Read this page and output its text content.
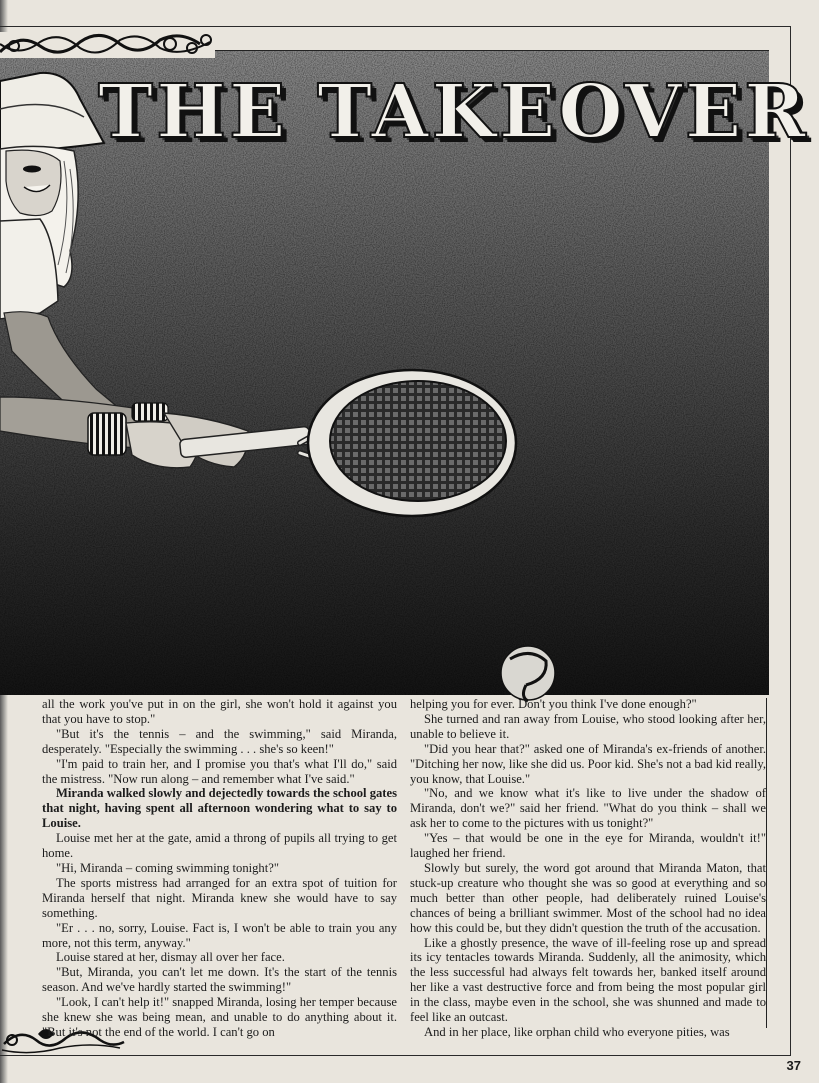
THE TAKEOVER

all the work you've put in on the girl, she won't hold it against you that you have to stop."

"But it's the tennis – and the swimming," said Miranda, desperately. "Especially the swimming . . . she's so keen!"

"I'm paid to train her, and I promise you that's what I'll do," said the mistress. "Now run along – and remember what I've said."

Miranda walked slowly and dejectedly towards the school gates that night, having spent all afternoon wondering what to say to Louise.

Louise met her at the gate, amid a throng of pupils all trying to get home.

"Hi, Miranda – coming swimming tonight?"

The sports mistress had arranged for an extra spot of tuition for Miranda herself that night. Miranda knew she would have to say something.

"Er . . . no, sorry, Louise. Fact is, I won't be able to train you any more, not this term, anyway."

Louise stared at her, dismay all over her face.

"But, Miranda, you can't let me down. It's the start of the tennis season. And we've hardly started the swimming!"

"Look, I can't help it!" snapped Miranda, losing her temper because she knew she was being mean, and unable to do anything about it. "But it's not the end of the world. I can't go on

helping you for ever. Don't you think I've done enough?"

She turned and ran away from Louise, who stood looking after her, unable to believe it.

"Did you hear that?" asked one of Miranda's ex-friends of another. "Ditching her now, like she did us. Poor kid. She's not a bad kid really, you know, that Louise."

"No, and we know what it's like to live under the shadow of Miranda, don't we?" said her friend. "What do you think – shall we ask her to come to the pictures with us tonight?"

"Yes – that would be one in the eye for Miranda, wouldn't it!" laughed her friend.

Slowly but surely, the word got around that Miranda Maton, that stuck-up creature who thought she was so good at everything and so much better than other people, had deliberately ruined Louise's chances of being a brilliant swimmer. Most of the school had no idea how this could be, but they didn't question the truth of the accusation.

Like a ghostly presence, the wave of ill-feeling rose up and spread its icy tentacles towards Miranda. Suddenly, all the animosity, which the less successful had always felt towards her, banked itself around her like a vast destructive force and from being the most popular girl in the class, maybe even in the school, she was shunned and made to feel like an outcast.

And in her place, like orphan child who everyone pities, was

37
